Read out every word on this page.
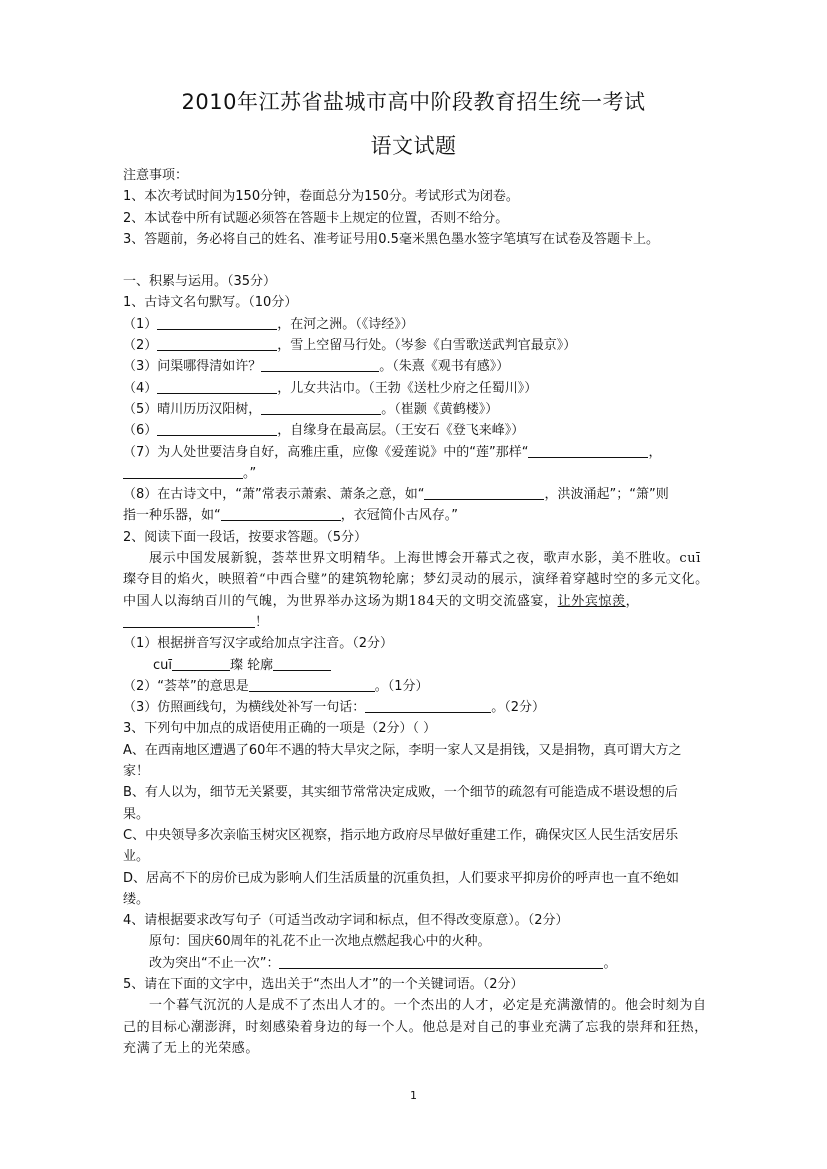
2010年江苏省盐城市高中阶段教育招生统一考试
语文试题
注意事项：
1、本次考试时间为150分钟，卷面总分为150分。考试形式为闭卷。
2、本试卷中所有试题必须答在答题卡上规定的位置，否则不给分。
3、答题前，务必将自己的姓名、准考证号用0.5毫米黑色墨水签字笔填写在试卷及答题卡上。
一、积累与运用。（35分）
1、古诗文名句默写。（10分）
（1）	，在河之洲。（《诗经》）
（2）	，雪上空留马行处。（岑参《白雪歌送武判官最京》）
（3）问渠哪得清如许？	。（朱熹《观书有感》）
（4）	，儿女共沾巾。（王勃《送杜少府之任蜀川》）
（5）晴川历历汉阳树，	。（崔颢《黄鹤楼》）
（6）	，自缘身在最高层。（王安石《登飞来峰》）
（7）为人处世要洁身自好，高雅庄重，应像《爱莲说》中的“莲”那样“	，
。”
（8）在古诗文中，“萧”常表示萧索、萧条之意，如“	，洪波涌起”；“箫”则
指一种乐器，如“	，衣冠简仆古风存。”
2、阅读下面一段话，按要求答题。（5分）
展示中国发展新貌，荟萃世界文明精华。上海世博会开幕式之夜，歌声水影，美不胜收。cuī
璨夺目的焰火，映照着“中西合璧”的建筑物轮廓；梦幻灵动的展示，演绎着穿越时空的多元文化。
中国人以海纳百川的气魄，为世界举办这场为期184天的文明交流盛宴，让外宾惊羡，
！
（1）根据拼音写汉字或给加点字注音。（2分）
cuī	璨 轮廓
（2）“荟萃”的意思是	。（1分）
（3）仿照画线句，为横线处补写一句话：	。（2分）
3、下列句中加点的成语使用正确的一项是（2分）（ ）
A、在西南地区遭遇了60年不遇的特大旱灾之际，李明一家人又是捐钱，又是捐物，真可谓大方之
家！
B、有人以为，细节无关紧要，其实细节常常决定成败，一个细节的疏忽有可能造成不堪设想的后
果。
C、中央领导多次亲临玉树灾区视察，指示地方政府尽早做好重建工作，确保灾区人民生活安居乐
业。
D、居高不下的房价已成为影响人们生活质量的沉重负担，人们要求平抑房价的呼声也一直不绝如
缕。
4、请根据要求改写句子（可适当改动字词和标点，但不得改变原意）。（2分）
原句：国庆60周年的礼花不止一次地点燃起我心中的火种。
改为突出“不止一次”：	。
5、请在下面的文字中，选出关于“杰出人才”的一个关键词语。（2分）
一个暮气沉沉的人是成不了杰出人才的。一个杰出的人才，必定是充满激情的。他会时刻为自
己的目标心潮澎湃，时刻感染着身边的每一个人。他总是对自己的事业充满了忘我的崇拜和狂热，
充满了无上的光荣感。
1
